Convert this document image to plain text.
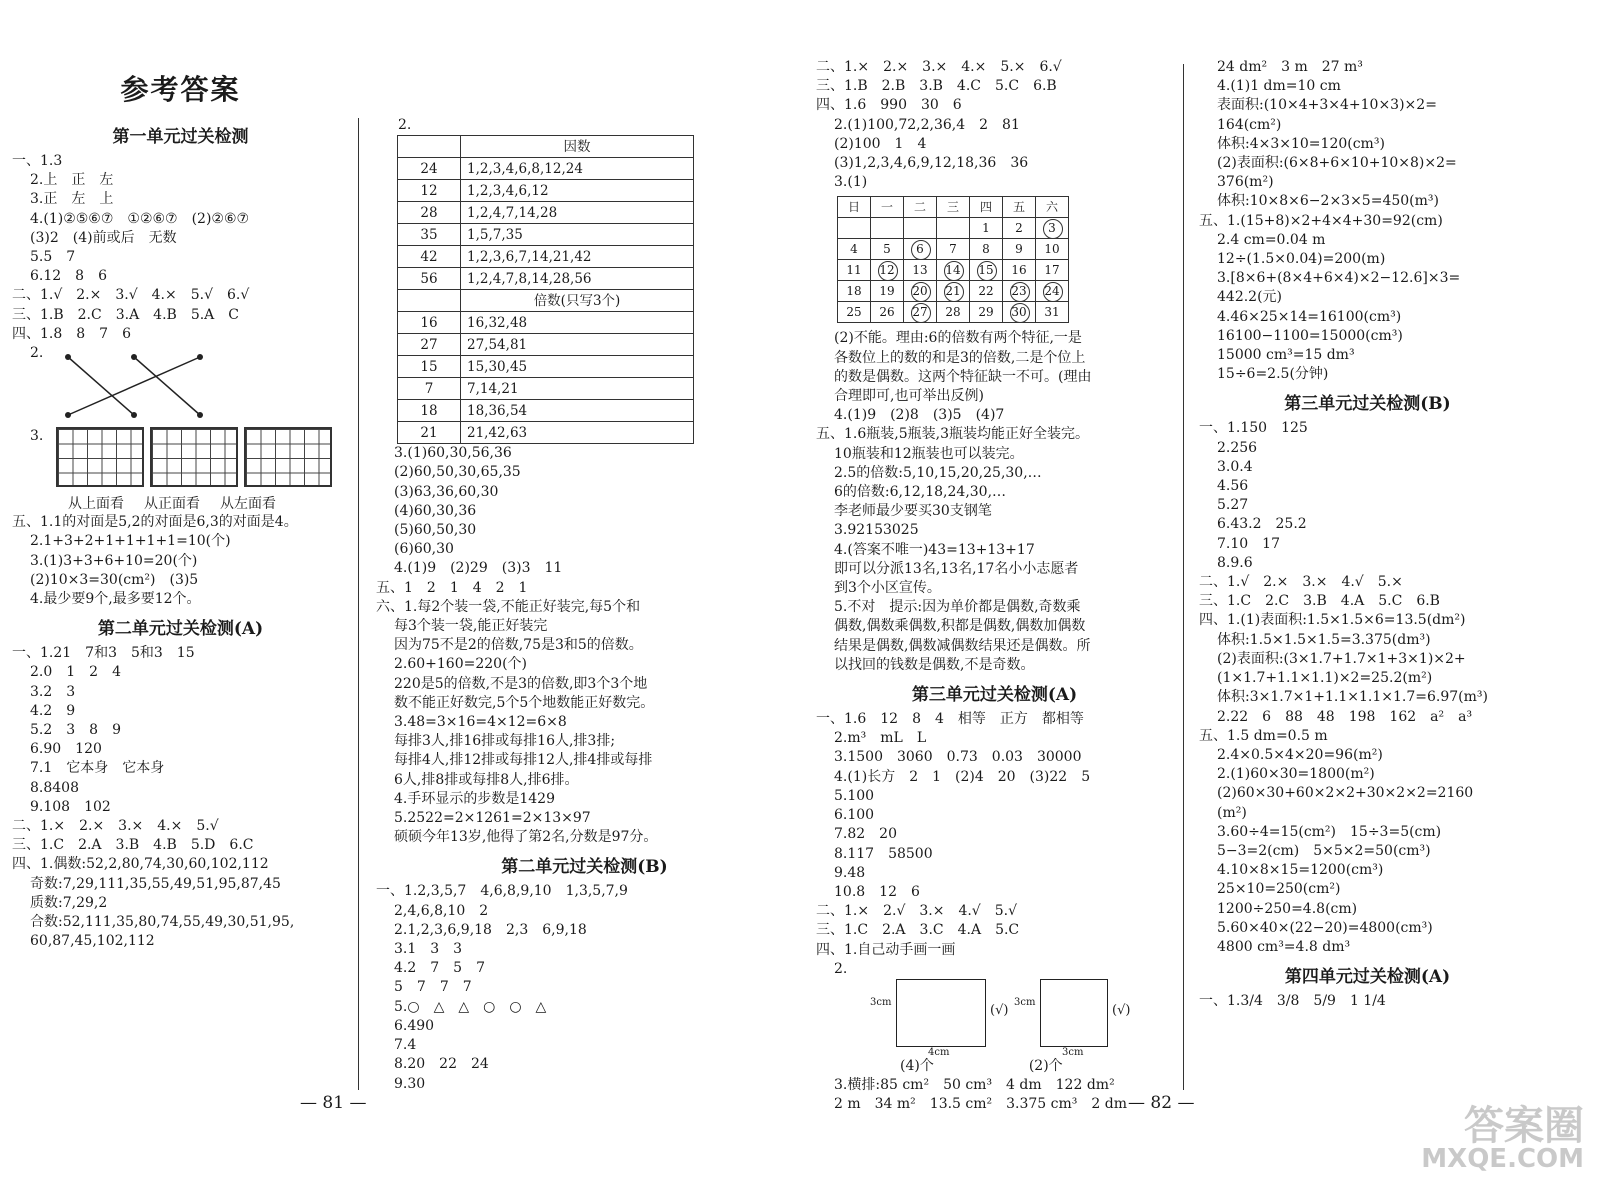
参考答案
第一单元过关检测
一、1.3
2.上　正　左
3.正　左　上
4.(1)②⑤⑥⑦　①②⑥⑦　(2)②⑥⑦
(3)2　(4)前或后　无数
5.5　7
6.12　8　6
二、1.√　2.×　3.√　4.×　5.√　6.√
三、1.B　2.C　3.A　4.B　5.A　C
四、1.8　8　7　6
2.
3.
从上面看 从正面看 从左面看
五、1.1的对面是5,2的对面是6,3的对面是4。
2.1+3+2+1+1+1+1=10(个)
3.(1)3+3+6+10=20(个)
(2)10×3=30(cm²)　(3)5
4.最少要9个,最多要12个。
第二单元过关检测(A)
一、1.21　7和3　5和3　15
2.0　1　2　4
3.2　3
4.2　9
5.2　3　8　9
6.90　120
7.1　它本身　它本身
8.8408
9.108　102
二、1.×　2.×　3.×　4.×　5.√
三、1.C　2.A　3.B　4.B　5.D　6.C
四、1.偶数:52,2,80,74,30,60,102,112
奇数:7,29,111,35,55,49,51,95,87,45
质数:7,29,2
合数:52,111,35,80,74,55,49,30,51,95,
60,87,45,102,112
2.
	因数
24	1,2,3,4,6,8,12,24
12	1,2,3,4,6,12
28	1,2,4,7,14,28
35	1,5,7,35
42	1,2,3,6,7,14,21,42
56	1,2,4,7,8,14,28,56
	倍数(只写3个)
16	16,32,48
27	27,54,81
15	15,30,45
7	7,14,21
18	18,36,54
21	21,42,63
3.(1)60,30,56,36
(2)60,50,30,65,35
(3)63,36,60,30
(4)60,30,36
(5)60,50,30
(6)60,30
4.(1)9　(2)29　(3)3　11
五、1　2　1　4　2　1
六、1.每2个装一袋,不能正好装完,每5个和
每3个装一袋,能正好装完
因为75不是2的倍数,75是3和5的倍数。
2.60+160=220(个)
220是5的倍数,不是3的倍数,即3个3个地
数不能正好数完,5个5个地数能正好数完。
3.48=3×16=4×12=6×8
每排3人,排16排或每排16人,排3排;
每排4人,排12排或每排12人,排4排或每排
6人,排8排或每排8人,排6排。
4.手环显示的步数是1429
5.2522=2×1261=2×13×97
硕硕今年13岁,他得了第2名,分数是97分。
第二单元过关检测(B)
一、1.2,3,5,7　4,6,8,9,10　1,3,5,7,9
2,4,6,8,10　2
2.1,2,3,6,9,18　2,3　6,9,18
3.1　3　3
4.2　7　5　7
5　7　7　7
5.○　△　△　○　○　△
6.490
7.4
8.20　22　24
9.30
— 81 —
二、1.×　2.×　3.×　4.×　5.×　6.√
三、1.B　2.B　3.B　4.C　5.C　6.B
四、1.6　990　30　6
2.(1)100,72,2,36,4　2　81
(2)100　1　4
(3)1,2,3,4,6,9,12,18,36　36
3.(1)
日	一	二	三	四	五	六
				1	2	3
4	5	6	7	8	9	10
11	12	13	14	15	16	17
18	19	20	21	22	23	24
25	26	27	28	29	30	31
(2)不能。理由:6的倍数有两个特征,一是
各数位上的数的和是3的倍数,二是个位上
的数是偶数。这两个特征缺一不可。(理由
合理即可,也可举出反例)
4.(1)9　(2)8　(3)5　(4)7
五、1.6瓶装,5瓶装,3瓶装均能正好全装完。
10瓶装和12瓶装也可以装完。
2.5的倍数:5,10,15,20,25,30,…
6的倍数:6,12,18,24,30,…
李老师最少要买30支钢笔
3.92153025
4.(答案不唯一)43=13+13+17
即可以分派13名,13名,17名小小志愿者
到3个小区宣传。
5.不对　提示:因为单价都是偶数,奇数乘
偶数,偶数乘偶数,积都是偶数,偶数加偶数
结果是偶数,偶数减偶数结果还是偶数。所
以找回的钱数是偶数,不是奇数。
第三单元过关检测(A)
一、1.6　12　8　4　相等　正方　都相等
2.m³　mL　L
3.1500　3060　0.73　0.03　30000
4.(1)长方　2　1　(2)4　20　(3)22　5
5.100
6.100
7.82　20
8.117　58500
9.48
10.8　12　6
二、1.×　2.√　3.×　4.√　5.√
三、1.C　2.A　3.C　4.A　5.C
四、1.自己动手画一画
2.
3cm
(√)
4cm
3cm
(√)
3cm
(4)个	(2)个
3.横排:85 cm²　50 cm³　4 dm　122 dm²
2 m　34 m²　13.5 cm²　3.375 cm³　2 dm
24 dm²　3 m　27 m³
4.(1)1 dm=10 cm
表面积:(10×4+3×4+10×3)×2=
164(cm²)
体积:4×3×10=120(cm³)
(2)表面积:(6×8+6×10+10×8)×2=
376(m²)
体积:10×8×6−2×3×5=450(m³)
五、1.(15+8)×2+4×4+30=92(cm)
2.4 cm=0.04 m
12÷(1.5×0.04)=200(m)
3.[8×6+(8×4+6×4)×2−12.6]×3=
442.2(元)
4.46×25×14=16100(cm³)
16100−1100=15000(cm³)
15000 cm³=15 dm³
15÷6=2.5(分钟)
第三单元过关检测(B)
一、1.150　125
2.256
3.0.4
4.56
5.27
6.43.2　25.2
7.10　17
8.9.6
二、1.√　2.×　3.×　4.√　5.×
三、1.C　2.C　3.B　4.A　5.C　6.B
四、1.(1)表面积:1.5×1.5×6=13.5(dm²)
体积:1.5×1.5×1.5=3.375(dm³)
(2)表面积:(3×1.7+1.7×1+3×1)×2+
(1×1.7+1.1×1.1)×2=25.2(m²)
体积:3×1.7×1+1.1×1.1×1.7=6.97(m³)
2.22　6　88　48　198　162　a²　a³
五、1.5 dm=0.5 m
2.4×0.5×4×20=96(m²)
2.(1)60×30=1800(m²)
(2)60×30+60×2×2+30×2×2=2160
(m²)
3.60÷4=15(cm²)　15÷3=5(cm)
5−3=2(cm)　5×5×2=50(cm³)
4.10×8×15=1200(cm³)
25×10=250(cm²)
1200÷250=4.8(cm)
5.60×40×(22−20)=4800(cm³)
4800 cm³=4.8 dm³
第四单元过关检测(A)
一、1.3/4　3/8　5/9　1 1/4
— 82 —	答案圈
MXQE.COM
